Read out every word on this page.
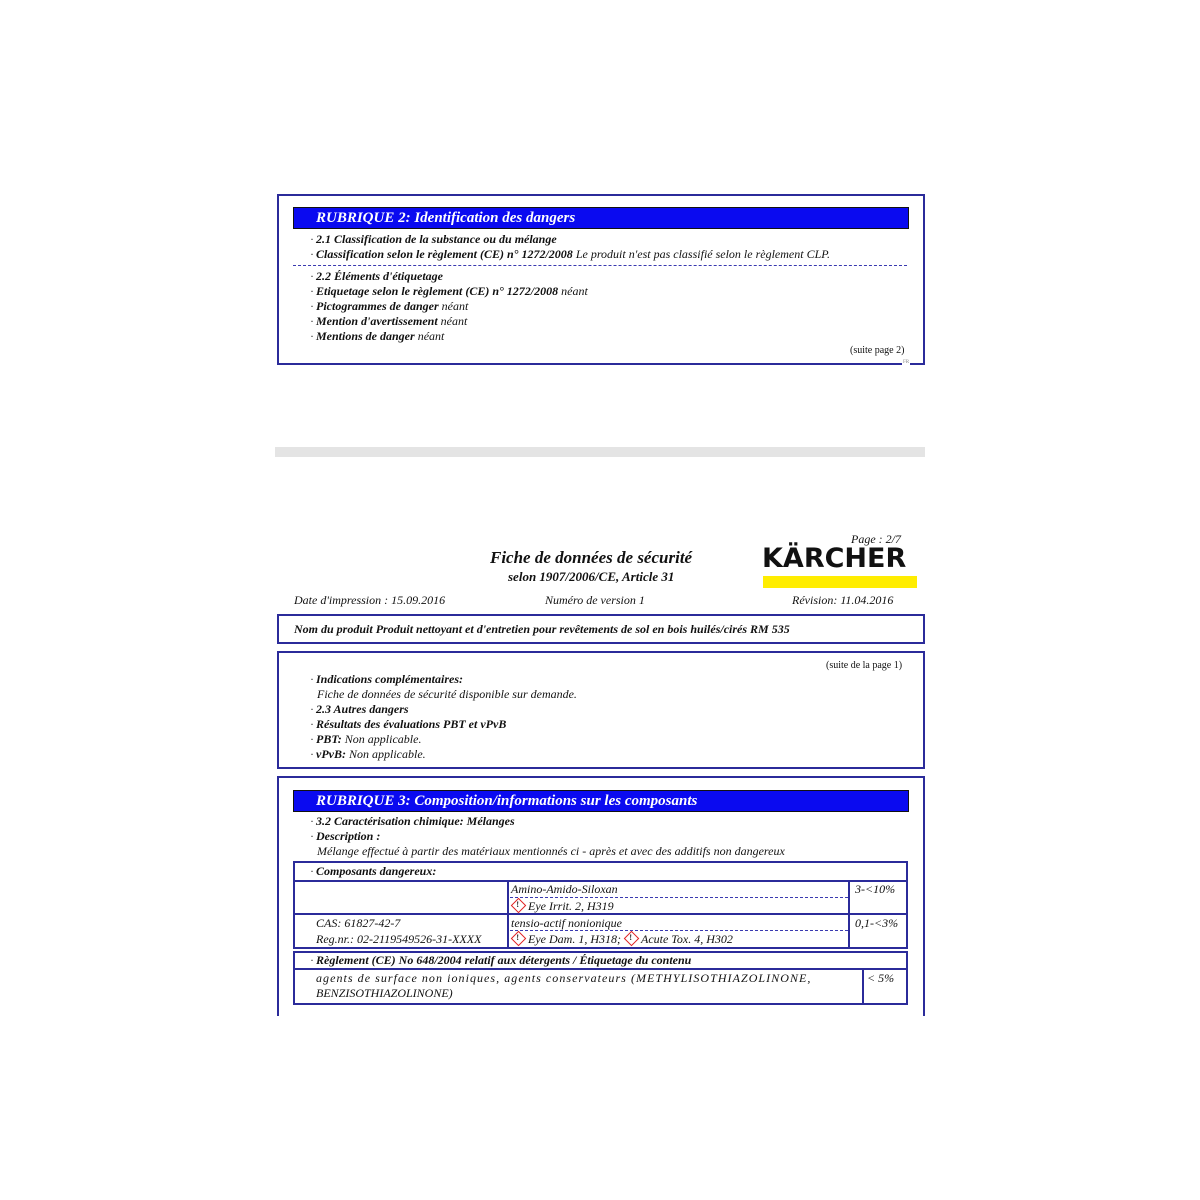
RUBRIQUE 2: Identification des dangers
· 2.1 Classification de la substance ou du mélange
· Classification selon le règlement (CE) n° 1272/2008 Le produit n'est pas classifié selon le règlement CLP.
· 2.2 Éléments d'étiquetage
· Etiquetage selon le règlement (CE) n° 1272/2008 néant
· Pictogrammes de danger néant
· Mention d'avertissement néant
· Mentions de danger néant
(suite page 2)
FR
Page : 2/7
Fiche de données de sécurité
selon 1907/2006/CE, Article 31
KÄRCHER
Date d'impression : 15.09.2016	Numéro de version 1	Révision: 11.04.2016
Nom du produit Produit nettoyant et d'entretien pour revêtements de sol en bois huilés/cirés RM 535
(suite de la page 1)
· Indications complémentaires:
Fiche de données de sécurité disponible sur demande.
· 2.3 Autres dangers
· Résultats des évaluations PBT et vPvB
· PBT: Non applicable.
· vPvB: Non applicable.
RUBRIQUE 3: Composition/informations sur les composants
· 3.2 Caractérisation chimique: Mélanges
· Description :
Mélange effectué à partir des matériaux mentionnés ci - après et avec des additifs non dangereux
· Composants dangereux:
Amino-Amido-Siloxan
!Eye Irrit. 2, H319
3-<10%
CAS: 61827-42-7
Reg.nr.: 02-2119549526-31-XXXX
tensio-actif nonionique
!Eye Dam. 1, H318; ! Acute Tox. 4, H302
0,1-<3%
· Règlement (CE) No 648/2004 relatif aux détergents / Étiquetage du contenu
agents de surface non ioniques, agents conservateurs (METHYLISOTHIAZOLINONE,
BENZISOTHIAZOLINONE)
< 5%
